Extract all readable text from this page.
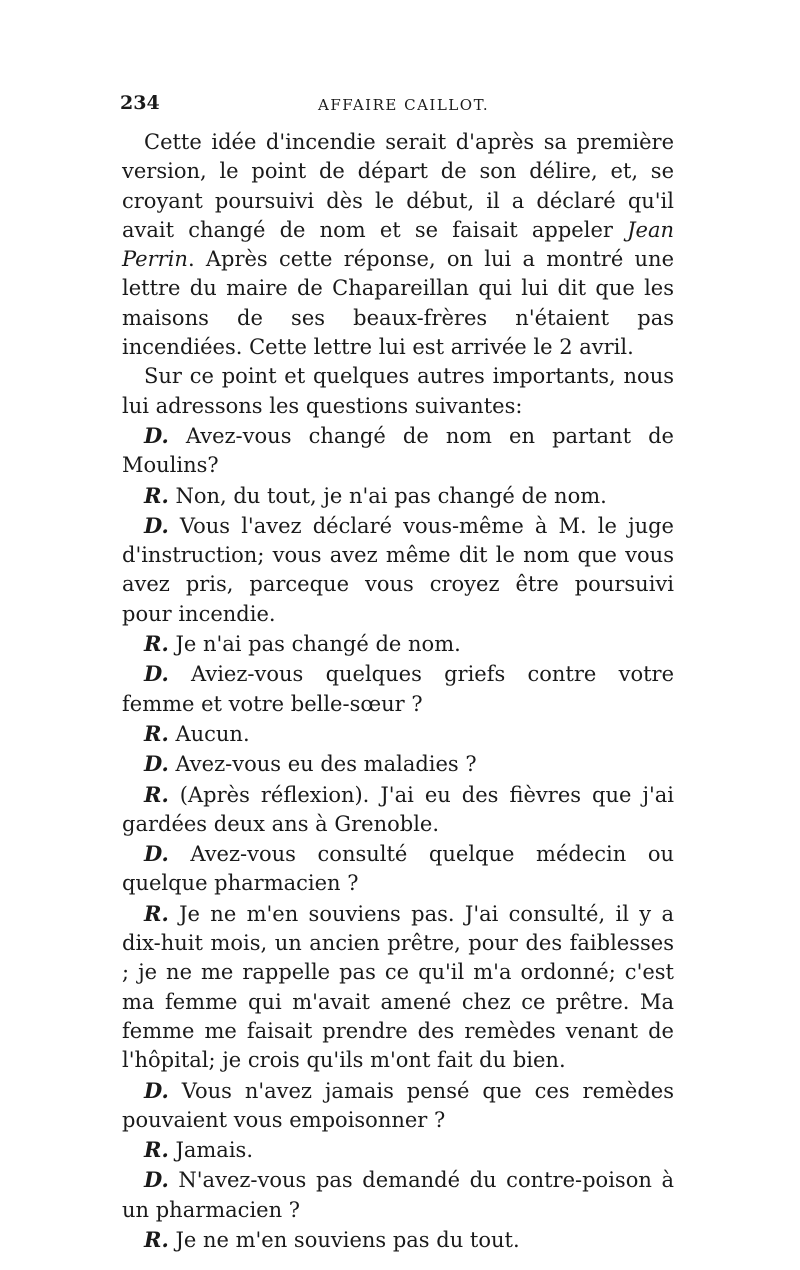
234	AFFAIRE CAILLOT.

Cette idée d'incendie serait d'après sa première version, le point de départ de son délire, et, se croyant poursuivi dès le début, il a déclaré qu'il avait changé de nom et se faisait appeler Jean Perrin. Après cette réponse, on lui a montré une lettre du maire de Chapareillan qui lui dit que les maisons de ses beaux-frères n'étaient pas incendiées. Cette lettre lui est arrivée le 2 avril.

Sur ce point et quelques autres importants, nous lui adressons les questions suivantes:

D. Avez-vous changé de nom en partant de Moulins?

R. Non, du tout, je n'ai pas changé de nom.

D. Vous l'avez déclaré vous-même à M. le juge d'instruction; vous avez même dit le nom que vous avez pris, parceque vous croyez être poursuivi pour incendie.

R. Je n'ai pas changé de nom.

D. Aviez-vous quelques griefs contre votre femme et votre belle-sœur ?

R. Aucun.

D. Avez-vous eu des maladies ?

R. (Après réflexion). J'ai eu des fièvres que j'ai gardées deux ans à Grenoble.

D. Avez-vous consulté quelque médecin ou quelque pharmacien ?

R. Je ne m'en souviens pas. J'ai consulté, il y a dix-huit mois, un ancien prêtre, pour des faiblesses ; je ne me rappelle pas ce qu'il m'a ordonné; c'est ma femme qui m'avait amené chez ce prêtre. Ma femme me faisait prendre des remèdes venant de l'hôpital; je crois qu'ils m'ont fait du bien.

D. Vous n'avez jamais pensé que ces remèdes pouvaient vous empoisonner ?

R. Jamais.

D. N'avez-vous pas demandé du contre-poison à un pharmacien ?

R. Je ne m'en souviens pas du tout.
